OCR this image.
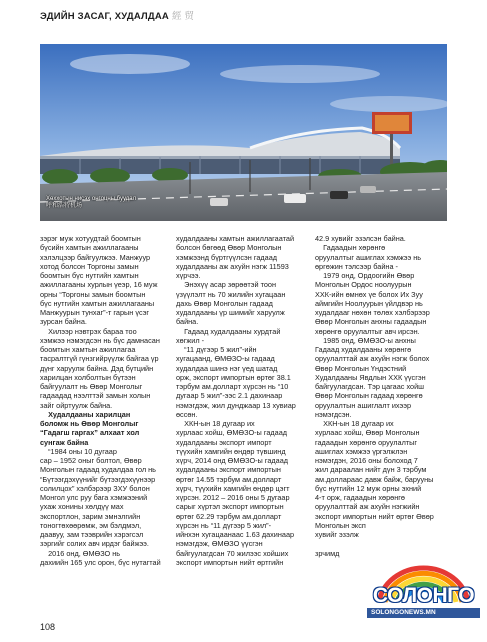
ЭДИЙН ЗАСАГ, ХУДАЛДАА 經 贸
Хөххотын нисэх онгоцны буудал
呼和浩特机场
зэрэг муж хотуудтай боомтын
бүсийн хамтын ажиллагааны
хэлэлцээр байгуулжээ. Манжуур
хотод болсон Торгоны замын
боомтын бүс нутгийн хамтын
ажиллагааны хурлын үеэр, 16 муж
орны “Торгоны замын боомтын
бүс нутгийн хамтын ажиллагааны
Манжуурын тунхаг”-т гарын үсэг
зурсан байна.
Хилээр нэвтрэх бараа тоо
хэмжээ нэмэгдсэн нь бүс дамнасан
боомтын хамтын ажиллагаа
тасралтгүй гүнзгийрүүлж байгаа үр
дүнг харуулж байна. Дэд бүтцийн
харилцан холболтын бүтээн
байгуулалт нь Өвөр Монголыг
гадаадад нээлттэй замын холын
зайг ойртуулж байна.
Худалдааны харилцан
боломж нь Өвөр Монголыг
“Гадагш гаргах” алхаат хол
сунгаж байна
“1984 оны 10 дугаар
сар – 1952 оныг болтол, Өвөр
Монголын гадаад худалдаа гол нь
“Бүтээгдэхүүнийг бүтээгдэхүүнээр
солилцох” хэлбэрээр ЗХУ болон
Монгол улс руу бага хэмжээний
ухаж хонины хөлдүү мах
экспортлон, зарим эмнэлгийн
тоногтөхөөрөмж, эм бэлдмэл,
даавуу, зам тээврийн хэрэгсэл
зэргийг солих авч ирдэг байжээ.
2016 онд, ӨМӨЗО нь
дахиийн 165 улс орон, бүс нутагтай
худалдааны хамтын ажиллагаатай
болсон бөгөөд Өвөр Монголын
хэмжээнд бүртгүүлсэн гадаад
худалдааны аж ахуйн нэгж 11593
хүрчээ.
Энэхүү асар зөрөөтэй тоон
үзүүлэлт нь 70 жилийн хугацаан
дахь Өвөр Монголын гадаад
худалдааны үр шимийг харуулж
байна.
Гадаад худалдааны хурдтай
хөгжил -
“11 дүгээр 5 жил”-ийн
хугацаанд, ӨМӨЗО-ы гадаад
худалдаа шинэ нэг үед шатад
орж, экспорт импортын өртөг 38.1
тэрбум ам.доллapт хүрсэн нь “10
дугаар 5 жил”-ээс 2.1 дахинаар
нэмэгдэж, жил дунджаар 13 хувиар
өссөн.
ХКН-ын 18 дугаар их
хурлаас хойш, ӨМӨЗО-ы гадаад
худалдааны экспорт импорт
түүхийн хамгийн өндөр түвшинд
хүрч, 2014 онд ӨМӨЗО-ы гадаад
худалдааны экспорт импортын
өртөг 14.55 тэрбум ам.доллapт
хүрч, түүхийн хамгийн өндөр цэгт
хүрсэн. 2012 – 2016 оны 5 дугаар
сарыг хүртэл экспорт импортын
өртөг 62.29 тэрбум ам.доллapт
хүрсэн нь “11 дүгээр 5 жил”-
ийнхэн хугацаанаас 1.63 дахинаар
нэмэгдэж, ӨМӨЗО үүсгэн
байгуулагдсан 70 жилээс хойших
экспорт импортын нийт өртгийн
42.9 хувийг эзэлсэн байна.
Гадаадын хөрөнгө
оруулалтыг ашиглах хэмжээ нь
өргөжин тэлсээр байна -
1979 онд, Ордоогийн Өвөр
Монголын Ордос ноолуурын
ХХК-ийн өмнөх үе болох Их Зуу
аймгийн Ноолуурын үйлдвэр нь
худалдааг нөхөн төлөх хэлбэрээр
Өвөр Монголын анхны гадаадын
хөрөнгө оруулалтыг авч ирсэн.
1985 онд, ӨМӨЗО-ы анхны
Гадаад худалдааны хөрөнгө
оруулалттай аж ахуйн нэгж болох
Өвөр Монголын Үндэстний
Худалдааны Явдлын ХХК үүсгэн
байгуулагдсан. Тэр цагаас хойш
Өвөр Монголын гадаад хөрөнгө
оруулалтын ашиглалт ихээр
нэмэгдсэн.
ХКН-ын 18 дугаар их
хурлаас хойш, Өвөр Монголын
гадаадын хөрөнгө оруулалтыг
ашиглах хэмжээ үргэлжлэн
нэмэгдэн, 2016 оны болоход 7
жил дараалан нийт дүн 3 тэрбум
ам.долларааc давж байж, барууны
бүс нутгийн 12 муж орны эхний
4-т орж, гадаадын хөрөнгө
оруулалттай аж ахуйн нэгжийн
экспорт импортын нийт өртөг Өвөр
Монголын эксп
хувийг эзэлж
зрчимд
108
СОЛОНГО
SOLONGONEWS.MN
